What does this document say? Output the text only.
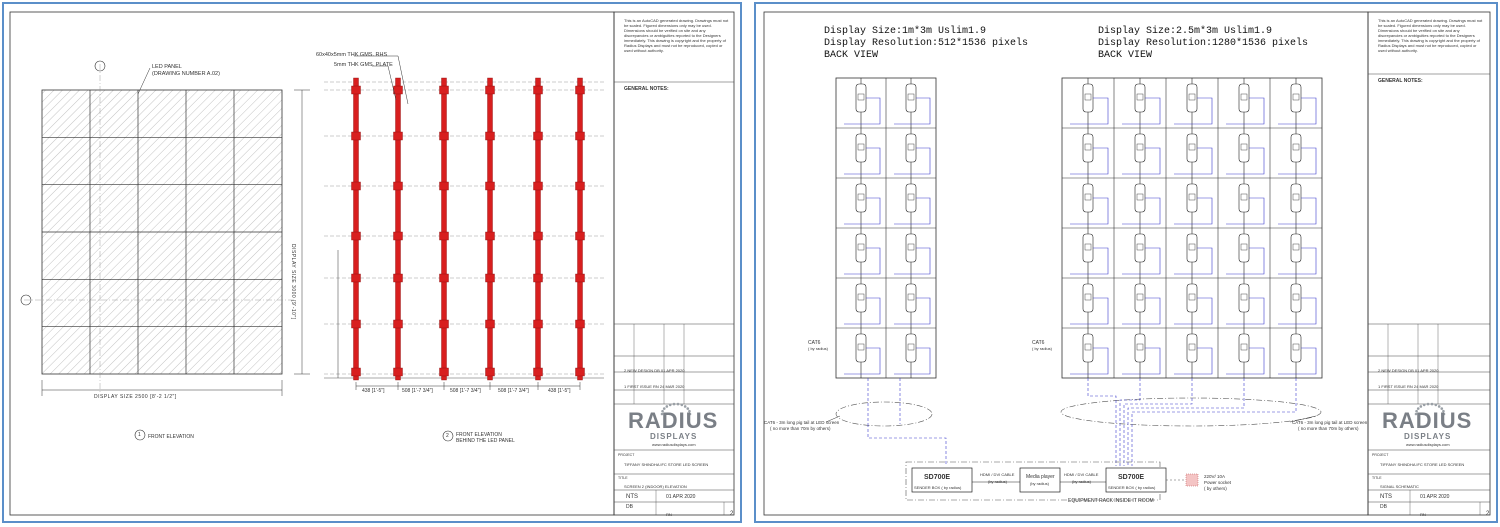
LED PANEL
(DRAWING NUMBER A.02)
60x40x5mm THK GMS. RHS
5mm THK GMS. PLATE
DISPLAY SIZE 2500 [8'-2 1/2"]
DISPLAY SIZE 3000 [9'-10"]
438 [1'-5"]	508 [1'-7 3/4"]	508 [1'-7 3/4"]	508 [1'-7 3/4"]	438 [1'-5"]
FRONT ELEVATION	FRONT ELEVATION
BEHIND THE LED PANEL
1	2
This is an AutoCAD generated drawing. Drawings must not be scaled. Figured dimensions only may be used. Dimensions should be verified on site and any discrepancies or ambiguities reported to the Designers immediately. This drawing is copyright and the property of Radius Displays and must not be reproduced, copied or used without authority.
GENERAL NOTES:
2 NEW DESIGN DB 01 APR 2020
1 FIRST ISSUE RN 24 MAR 2020
RADIUS
DISPLAYS
www.radiusdisplays.com
PROJECT
TIFFANY SHINDHA IFC STORE LED SCREEN
TITLE
SCREEN 2 (INDOOR) ELEVATION
NTS	01 APR 2020
DB
RN	2
Display Size:1m*3m Uslim1.9
Display Resolution:512*1536 pixels
BACK VIEW
Display Size:2.5m*3m Uslim1.9
Display Resolution:1280*1536 pixels
BACK VIEW
CAT6
( by radius)
CAT6
( by radius)
CAT6 - 3m long pig tail at LED screen
( no more than 70m by others)
CAT6 - 3m long pig tail at LED screen
( no more than 70m by others)
SD700E
SENDER BOX ( by radius)
HDMI / DVI CABLE
(by radius)
Media player
(by radius)
HDMI / DVI CABLE
(by radius)
SD700E
SENDER BOX ( by radius)
220V/ 10A
Power socket
( by others)
EQUIPMENT RACK INSIDE IT ROOM
This is an AutoCAD generated drawing. Drawings must not be scaled. Figured dimensions only may be used. Dimensions should be verified on site and any discrepancies or ambiguities reported to the Designers immediately. This drawing is copyright and the property of Radius Displays and must not be reproduced, copied or used without authority.
GENERAL NOTES:
2 NEW DESIGN DB 01 APR 2020
1 FIRST ISSUE RN 24 MAR 2020
RADIUS
DISPLAYS
www.radiusdisplays.com
PROJECT
TIFFANY SHINDHA IFC STORE LED SCREEN
TITLE
SIGNAL SCHEMATIC
NTS	01 APR 2020
DB
RN	2
